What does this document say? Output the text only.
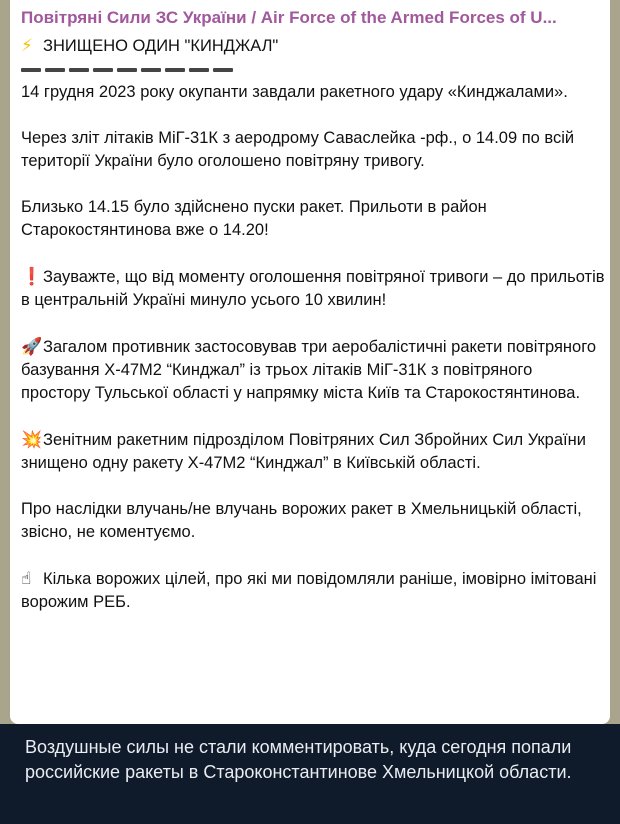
Повітряні Сили ЗС України / Air Force of the Armed Forces of U...

⚡ ЗНИЩЕНО ОДИН "КИНДЖАЛ"

14 грудня 2023 року окупанти завдали ракетного удару «Кинджалами».

Через зліт літаків МіГ-31К з аеродрому Саваслейка -рф., о 14.09 по всій території України було оголошено повітряну тривогу.

Близько 14.15 було здійснено пуски ракет. Прильоти в район Старокостянтинова вже о 14.20!

❗Зауважте, що від моменту оголошення повітряної тривоги – до прильотів в центральній Україні минуло усього 10 хвилин!

🚀Загалом противник застосовував три аеробалістичні ракети повітряного базування Х-47М2 “Кинджал” із трьох літаків МіГ-31К з повітряного простору Тульської області у напрямку міста Київ та Старокостянтинова.

💥Зенітним ракетним підрозділом Повітряних Сил Збройних Сил України знищено одну ракету Х-47М2 “Кинджал” в Київській області.

Про наслідки влучань/не влучань ворожих ракет в Хмельницькій області, звісно, не коментуємо.

☝ Кілька ворожих цілей, про які ми повідомляли раніше, імовірно імітовані ворожим РЕБ.

Воздушные силы не стали комментировать, куда сегодня попали российские ракеты в Староконстантинове Хмельницкой области.
